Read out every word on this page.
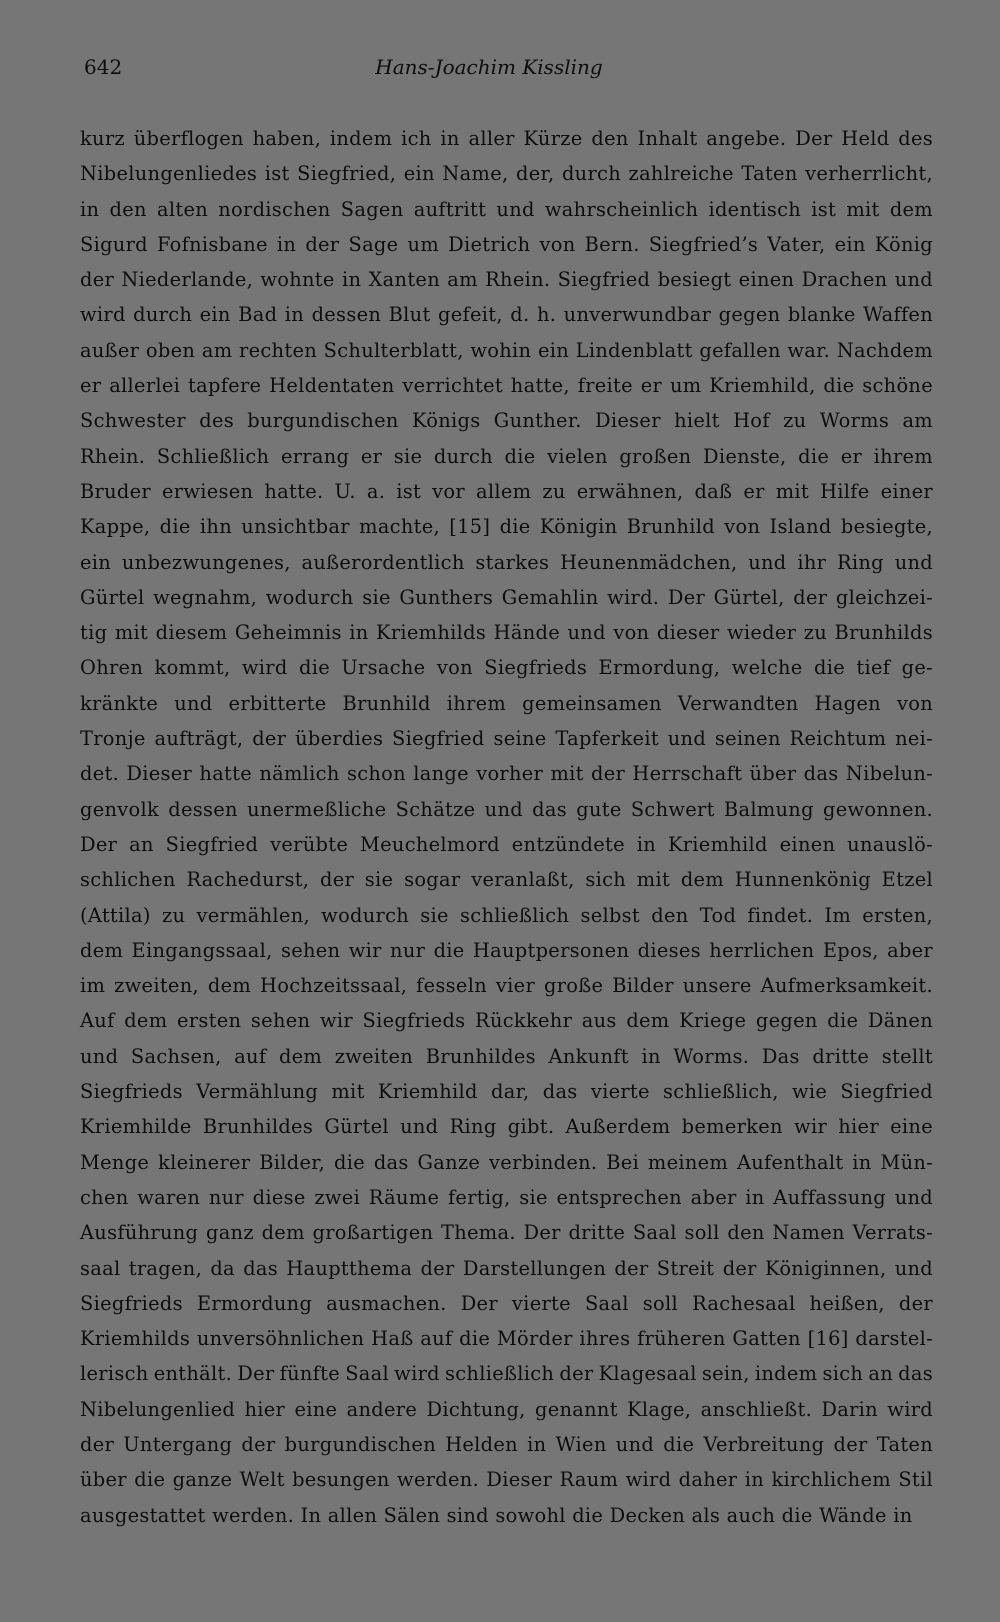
642	Hans-Joachim Kissling
kurz überflogen haben, indem ich in aller Kürze den Inhalt angebe. Der Held des
Nibelungenliedes ist Siegfried, ein Name, der, durch zahlreiche Taten verherrlicht,
in den alten nordischen Sagen auftritt und wahrscheinlich identisch ist mit dem
Sigurd Fofnisbane in der Sage um Dietrich von Bern. Siegfried’s Vater, ein König
der Niederlande, wohnte in Xanten am Rhein. Siegfried besiegt einen Drachen und
wird durch ein Bad in dessen Blut gefeit, d. h. unverwundbar gegen blanke Waffen
außer oben am rechten Schulterblatt, wohin ein Lindenblatt gefallen war. Nachdem
er allerlei tapfere Heldentaten verrichtet hatte, freite er um Kriemhild, die schöne
Schwester des burgundischen Königs Gunther. Dieser hielt Hof zu Worms am
Rhein. Schließlich errang er sie durch die vielen großen Dienste, die er ihrem
Bruder erwiesen hatte. U. a. ist vor allem zu erwähnen, daß er mit Hilfe einer
Kappe, die ihn unsichtbar machte, [15] die Königin Brunhild von Island besiegte,
ein unbezwungenes, außerordentlich starkes Heunenmädchen, und ihr Ring und
Gürtel wegnahm, wodurch sie Gunthers Gemahlin wird. Der Gürtel, der gleichzei-
tig mit diesem Geheimnis in Kriemhilds Hände und von dieser wieder zu Brunhilds
Ohren kommt, wird die Ursache von Siegfrieds Ermordung, welche die tief ge-
kränkte und erbitterte Brunhild ihrem gemeinsamen Verwandten Hagen von
Tronje aufträgt, der überdies Siegfried seine Tapferkeit und seinen Reichtum nei-
det. Dieser hatte nämlich schon lange vorher mit der Herrschaft über das Nibelun-
genvolk dessen unermeßliche Schätze und das gute Schwert Balmung gewonnen.
Der an Siegfried verübte Meuchelmord entzündete in Kriemhild einen unauslö-
schlichen Rachedurst, der sie sogar veranlaßt, sich mit dem Hunnenkönig Etzel
(Attila) zu vermählen, wodurch sie schließlich selbst den Tod findet. Im ersten,
dem Eingangssaal, sehen wir nur die Hauptpersonen dieses herrlichen Epos, aber
im zweiten, dem Hochzeitssaal, fesseln vier große Bilder unsere Aufmerksamkeit.
Auf dem ersten sehen wir Siegfrieds Rückkehr aus dem Kriege gegen die Dänen
und Sachsen, auf dem zweiten Brunhildes Ankunft in Worms. Das dritte stellt
Siegfrieds Vermählung mit Kriemhild dar, das vierte schließlich, wie Siegfried
Kriemhilde Brunhildes Gürtel und Ring gibt. Außerdem bemerken wir hier eine
Menge kleinerer Bilder, die das Ganze verbinden. Bei meinem Aufenthalt in Mün-
chen waren nur diese zwei Räume fertig, sie entsprechen aber in Auffassung und
Ausführung ganz dem großartigen Thema. Der dritte Saal soll den Namen Verrats-
saal tragen, da das Hauptthema der Darstellungen der Streit der Königinnen, und
Siegfrieds Ermordung ausmachen. Der vierte Saal soll Rachesaal heißen, der
Kriemhilds unversöhnlichen Haß auf die Mörder ihres früheren Gatten [16] darstel-
lerisch enthält. Der fünfte Saal wird schließlich der Klagesaal sein, indem sich an das
Nibelungenlied hier eine andere Dichtung, genannt Klage, anschließt. Darin wird
der Untergang der burgundischen Helden in Wien und die Verbreitung der Taten
über die ganze Welt besungen werden. Dieser Raum wird daher in kirchlichem Stil
ausgestattet werden. In allen Sälen sind sowohl die Decken als auch die Wände in
